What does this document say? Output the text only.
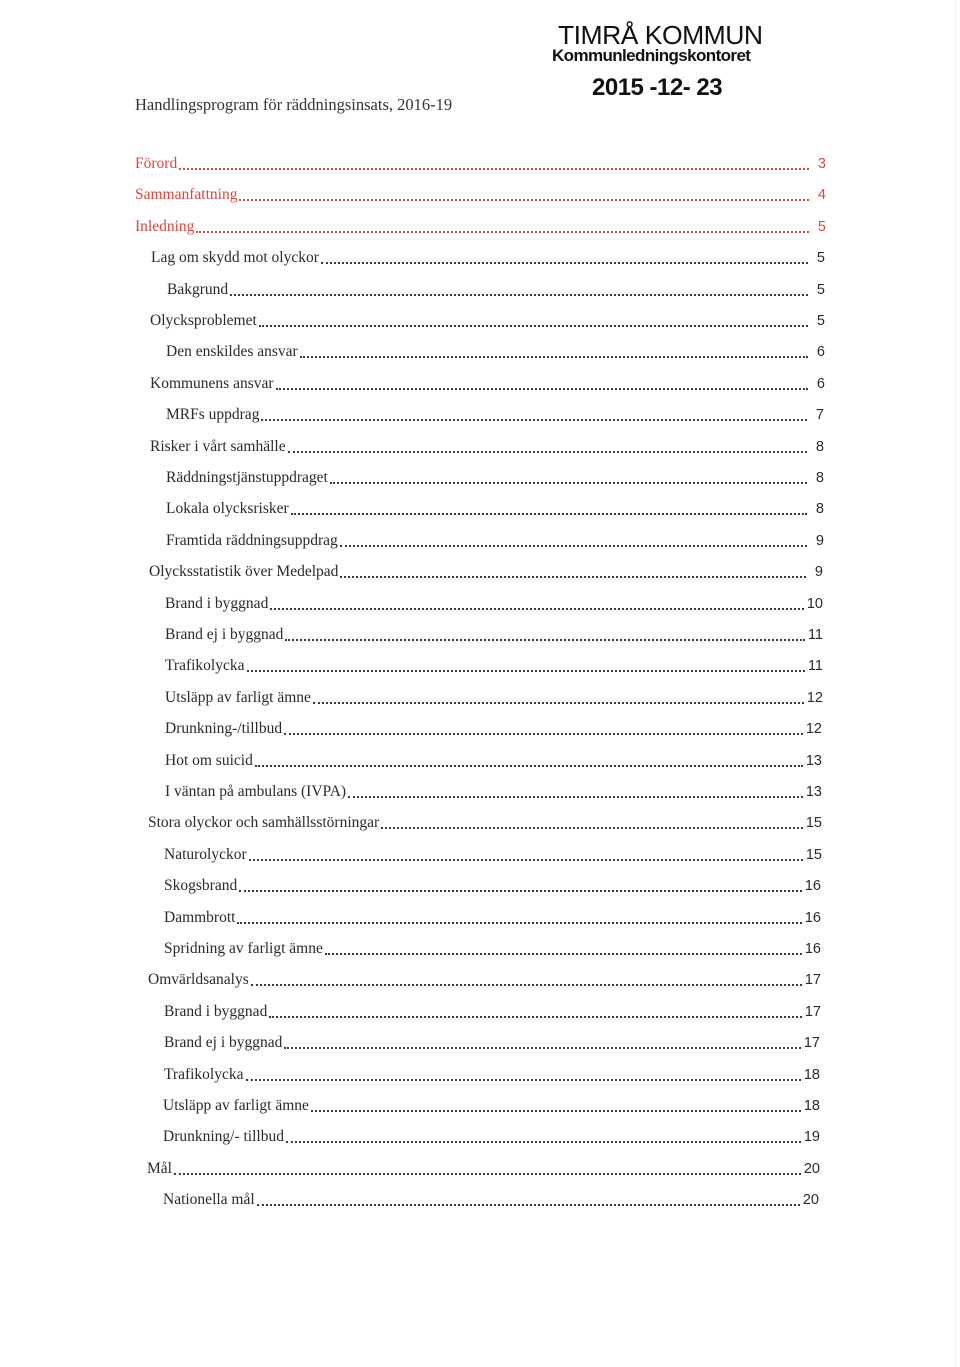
TIMRÅ KOMMUN
Kommunledningskontoret
2015 -12- 23
Handlingsprogram för räddningsinsats, 2016-19
Förord	3
Sammanfattning	4
Inledning	5
Lag om skydd mot olyckor	5
Bakgrund	5
Olycksproblemet	5
Den enskildes ansvar	6
Kommunens ansvar	6
MRFs uppdrag	7
Risker i vårt samhälle	8
Räddningstjänstuppdraget	8
Lokala olycksrisker	8
Framtida räddningsuppdrag	9
Olycksstatistik över Medelpad	9
Brand i byggnad	10
Brand ej i byggnad	11
Trafikolycka	11
Utsläpp av farligt ämne	12
Drunkning-/tillbud	12
Hot om suicid	13
I väntan på ambulans (IVPA)	13
Stora olyckor och samhällsstörningar	15
Naturolyckor	15
Skogsbrand	16
Dammbrott	16
Spridning av farligt ämne	16
Omvärldsanalys	17
Brand i byggnad	17
Brand ej i byggnad	17
Trafikolycka	18
Utsläpp av farligt ämne	18
Drunkning/- tillbud	19
Mål	20
Nationella mål	20
